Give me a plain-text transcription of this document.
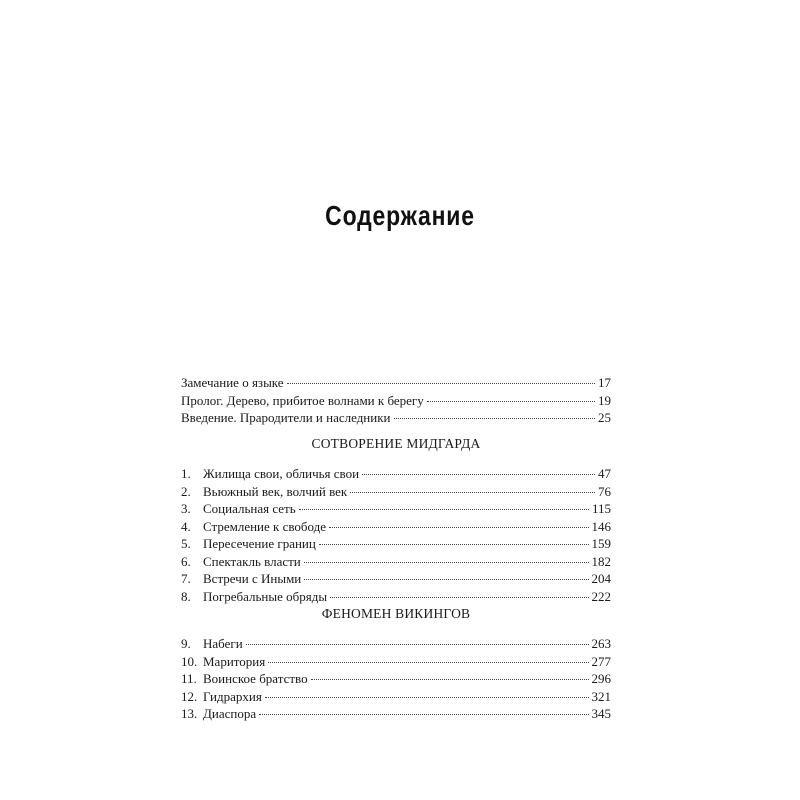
Содержание
Замечание о языке	17
Пролог. Дерево, прибитое волнами к берегу	19
Введение. Прародители и наследники	25
СОТВОРЕНИЕ МИДГАРДА
1. Жилища свои, обличья свои	47
2. Вьюжный век, волчий век	76
3. Социальная сеть	115
4. Стремление к свободе	146
5. Пересечение границ	159
6. Спектакль власти	182
7. Встречи с Иными	204
8. Погребальные обряды	222
ФЕНОМЕН ВИКИНГОВ
9. Набеги	263
10. Маритория	277
11. Воинское братство	296
12. Гидрархия	321
13. Диаспора	345
